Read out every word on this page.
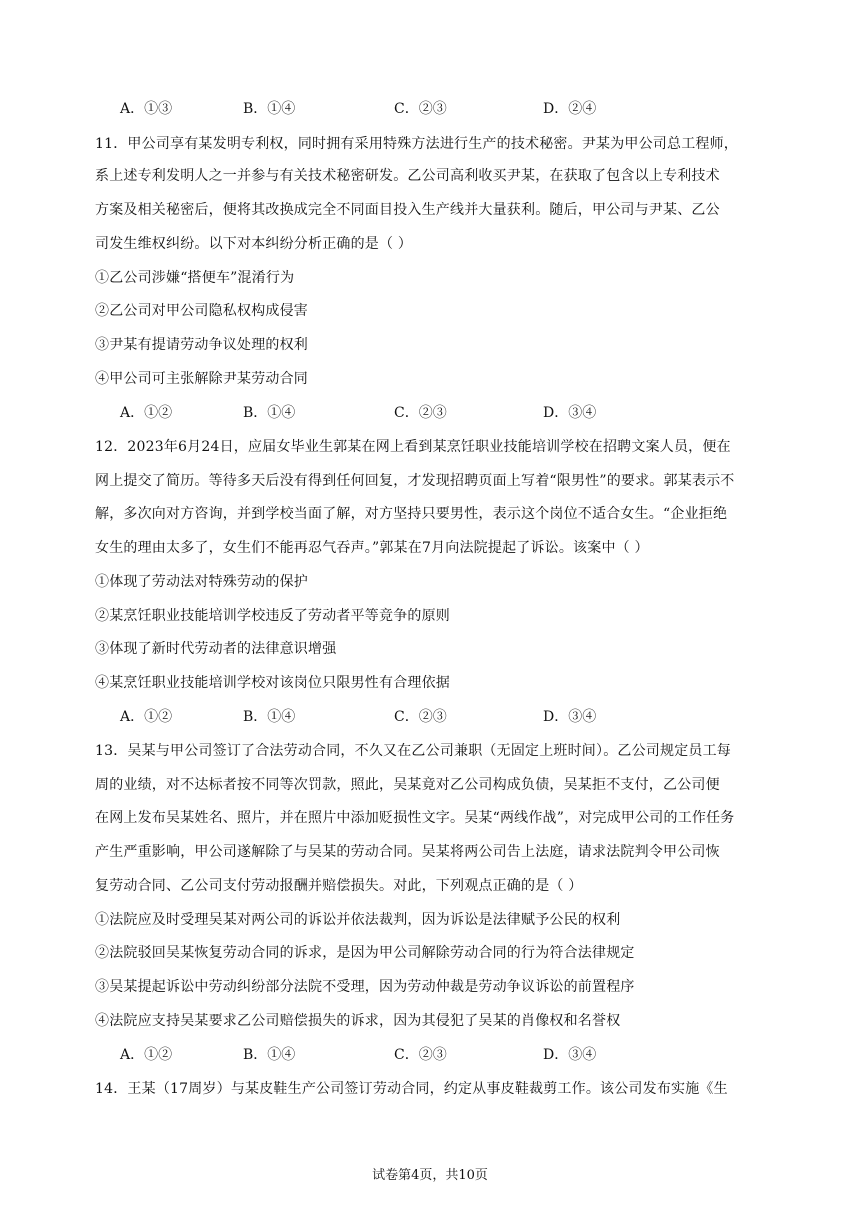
A．①③	B．①④	C．②③	D．②④
11．甲公司享有某发明专利权，同时拥有采用特殊方法进行生产的技术秘密。尹某为甲公司总工程师，
系上述专利发明人之一并参与有关技术秘密研发。乙公司高利收买尹某，在获取了包含以上专利技术
方案及相关秘密后，便将其改换成完全不同面目投入生产线并大量获利。随后，甲公司与尹某、乙公
司发生维权纠纷。以下对本纠纷分析正确的是（ ）
①乙公司涉嫌“搭便车”混淆行为
②乙公司对甲公司隐私权构成侵害
③尹某有提请劳动争议处理的权利
④甲公司可主张解除尹某劳动合同
A．①②	B．①④	C．②③	D．③④
12．2023年6月24日，应届女毕业生郭某在网上看到某烹饪职业技能培训学校在招聘文案人员，便在
网上提交了简历。等待多天后没有得到任何回复，才发现招聘页面上写着“限男性”的要求。郭某表示不
解，多次向对方咨询，并到学校当面了解，对方坚持只要男性，表示这个岗位不适合女生。“企业拒绝
女生的理由太多了，女生们不能再忍气吞声。”郭某在7月向法院提起了诉讼。该案中（ ）
①体现了劳动法对特殊劳动的保护
②某烹饪职业技能培训学校违反了劳动者平等竞争的原则
③体现了新时代劳动者的法律意识增强
④某烹饪职业技能培训学校对该岗位只限男性有合理依据
A．①②	B．①④	C．②③	D．③④
13．吴某与甲公司签订了合法劳动合同，不久又在乙公司兼职（无固定上班时间）。乙公司规定员工每
周的业绩，对不达标者按不同等次罚款，照此，吴某竟对乙公司构成负债，吴某拒不支付，乙公司便
在网上发布吴某姓名、照片，并在照片中添加贬损性文字。吴某“两线作战”，对完成甲公司的工作任务
产生严重影响，甲公司遂解除了与吴某的劳动合同。吴某将两公司告上法庭，请求法院判令甲公司恢
复劳动合同、乙公司支付劳动报酬并赔偿损失。对此，下列观点正确的是（ ）
①法院应及时受理吴某对两公司的诉讼并依法裁判，因为诉讼是法律赋予公民的权利
②法院驳回吴某恢复劳动合同的诉求，是因为甲公司解除劳动合同的行为符合法律规定
③吴某提起诉讼中劳动纠纷部分法院不受理，因为劳动仲裁是劳动争议诉讼的前置程序
④法院应支持吴某要求乙公司赔偿损失的诉求，因为其侵犯了吴某的肖像权和名誉权
A．①②	B．①④	C．②③	D．③④
14．王某（17周岁）与某皮鞋生产公司签订劳动合同，约定从事皮鞋裁剪工作。该公司发布实施《生
试卷第4页，共10页
